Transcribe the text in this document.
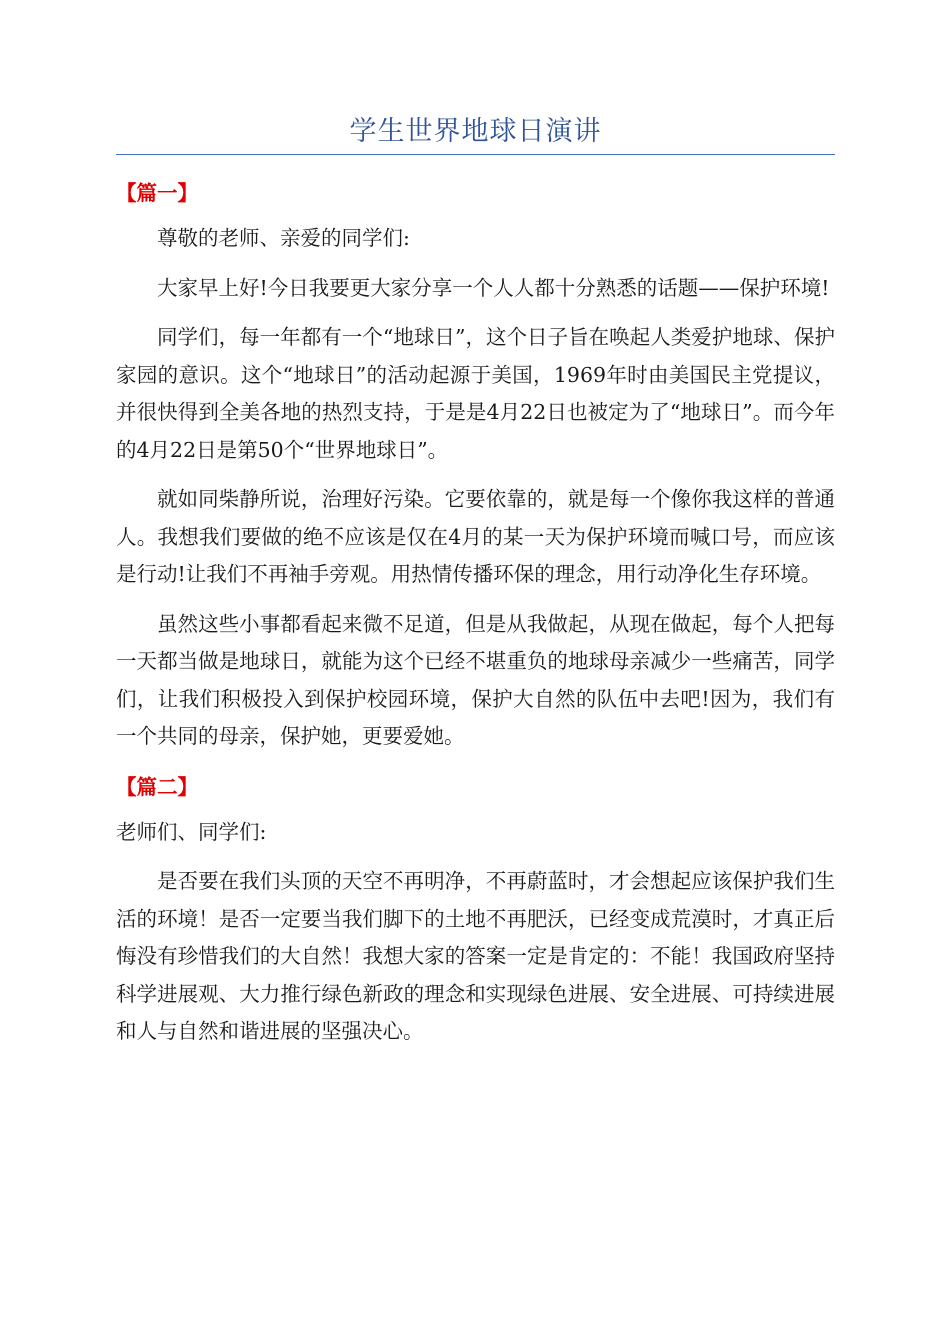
学生世界地球日演讲
【篇一】

尊敬的老师、亲爱的同学们:

大家早上好!今日我要更大家分享一个人人都十分熟悉的话题——保护环境!

同学们，每一年都有一个“地球日”，这个日子旨在唤起人类爱护地球、保护家园的意识。这个“地球日”的活动起源于美国，1969年时由美国民主党提议，并很快得到全美各地的热烈支持，于是是4月22日也被定为了“地球日”。而今年的4月22日是第50个“世界地球日”。

就如同柴静所说，治理好污染。它要依靠的，就是每一个像你我这样的普通人。我想我们要做的绝不应该是仅在4月的某一天为保护环境而喊口号，而应该是行动!让我们不再袖手旁观。用热情传播环保的理念，用行动净化生存环境。

虽然这些小事都看起来微不足道，但是从我做起，从现在做起，每个人把每一天都当做是地球日，就能为这个已经不堪重负的地球母亲减少一些痛苦，同学们，让我们积极投入到保护校园环境，保护大自然的队伍中去吧!因为，我们有一个共同的母亲，保护她，更要爱她。

【篇二】

老师们、同学们:

是否要在我们头顶的天空不再明净，不再蔚蓝时，才会想起应该保护我们生活的环境！是否一定要当我们脚下的土地不再肥沃，已经变成荒漠时，才真正后悔没有珍惜我们的大自然！我想大家的答案一定是肯定的：不能！我国政府坚持科学进展观、大力推行绿色新政的理念和实现绿色进展、安全进展、可持续进展和人与自然和谐进展的坚强决心。
